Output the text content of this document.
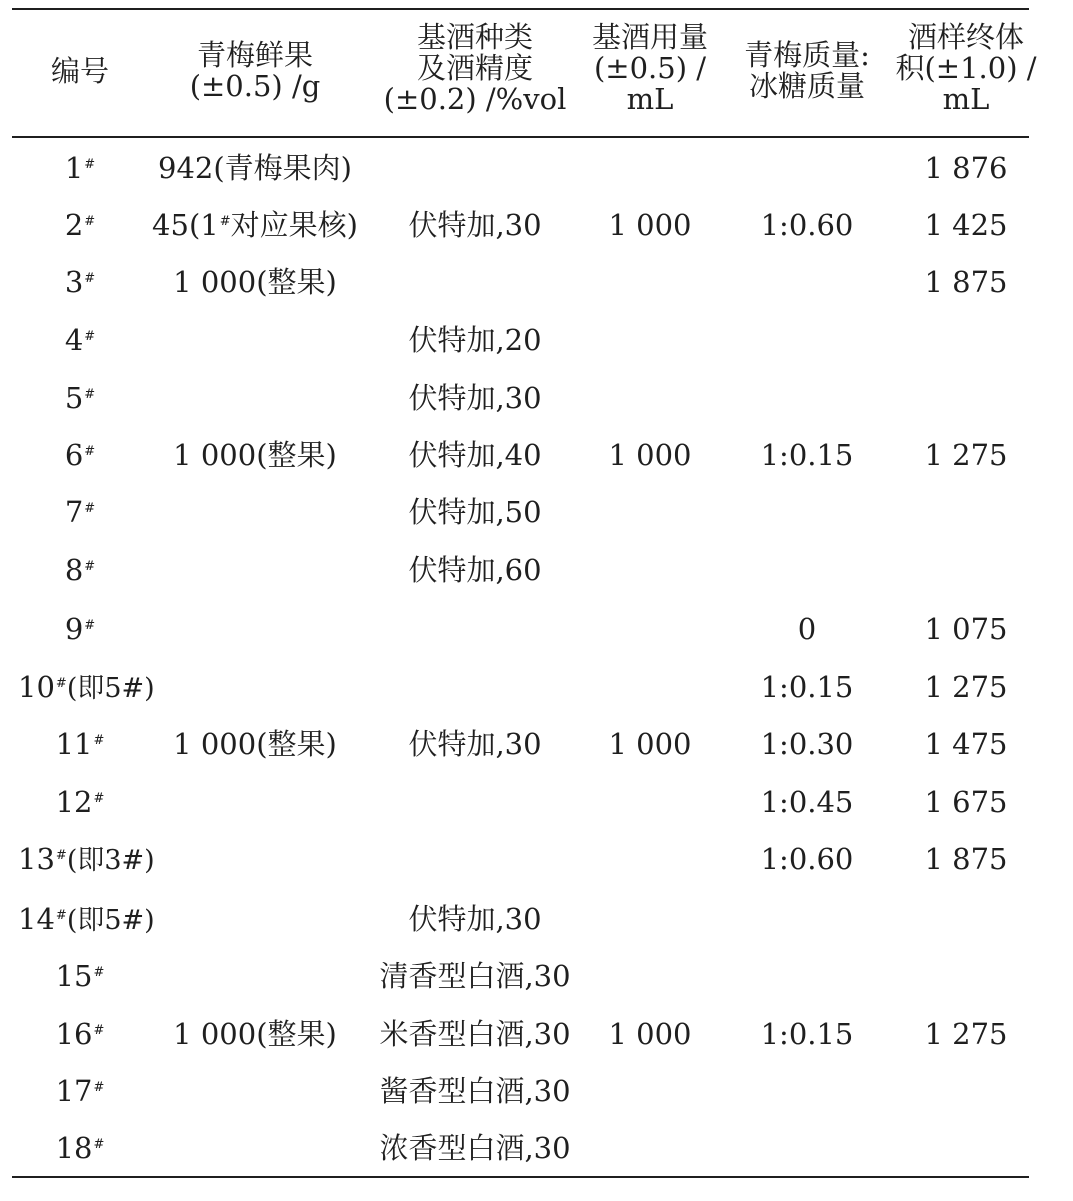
编号	青梅鲜果
(±0.5) /g
基酒种类
及酒精度
(±0.2) /%vol
基酒用量
(±0.5) /
mL
青梅质量:
冰糖质量
酒样终体
积(±1.0) /
mL
1#
2#
3#
4#
5#
6#
7#
8#
9#
10#(即5#)
11#
12#
13#(即3#)
14#(即5#)
15#
16#
17#
18#
942(青梅果肉)
45(1#对应果核)
1 000(整果)
1 000(整果)
1 000(整果)
1 000(整果)
伏特加,30
伏特加,20
伏特加,30
伏特加,40
伏特加,50
伏特加,60
伏特加,30
伏特加,30
清香型白酒,30
米香型白酒,30
酱香型白酒,30
浓香型白酒,30
1 000
1 000
1 000
1 000
1:0.60
1:0.15
0
1:0.15
1:0.30
1:0.45
1:0.60
1:0.15
1 876
1 425
1 875
1 275
1 075
1 275
1 475
1 675
1 875
1 275
